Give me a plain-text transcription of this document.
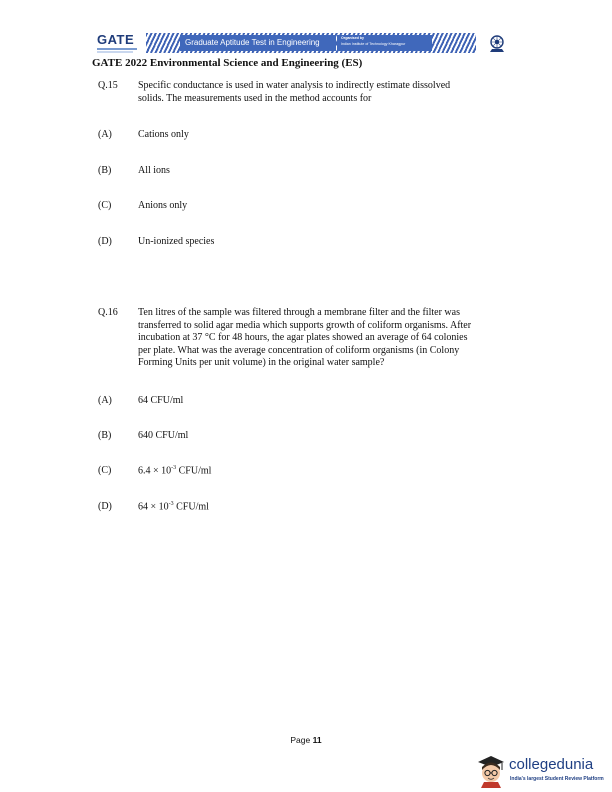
GATE	Graduate Aptitude Test in Engineering	Organised by
Indian Institute of Technology Kharagpur
GATE 2022 Environmental Science and Engineering (ES)
Q.15 Specific conductance is used in water analysis to indirectly estimate dissolved
solids. The measurements used in the method accounts for
(A)	Cations only
(B)	All ions
(C)	Anions only
(D)	Un-ionized species
Q.16 Ten litres of the sample was filtered through a membrane filter and the filter was
transferred to solid agar media which supports growth of coliform organisms. After
incubation at 37 °C for 48 hours, the agar plates showed an average of 64 colonies
per plate. What was the average concentration of coliform organisms (in Colony
Forming Units per unit volume) in the original water sample?
(A)	64 CFU/ml
(B)	640 CFU/ml
(C)	$6.4 \times 10^{-3}$ CFU/ml
(D)	$64 \times 10^{-3}$ CFU/ml
Page 11
collegedunia
India's largest Student Review Platform
